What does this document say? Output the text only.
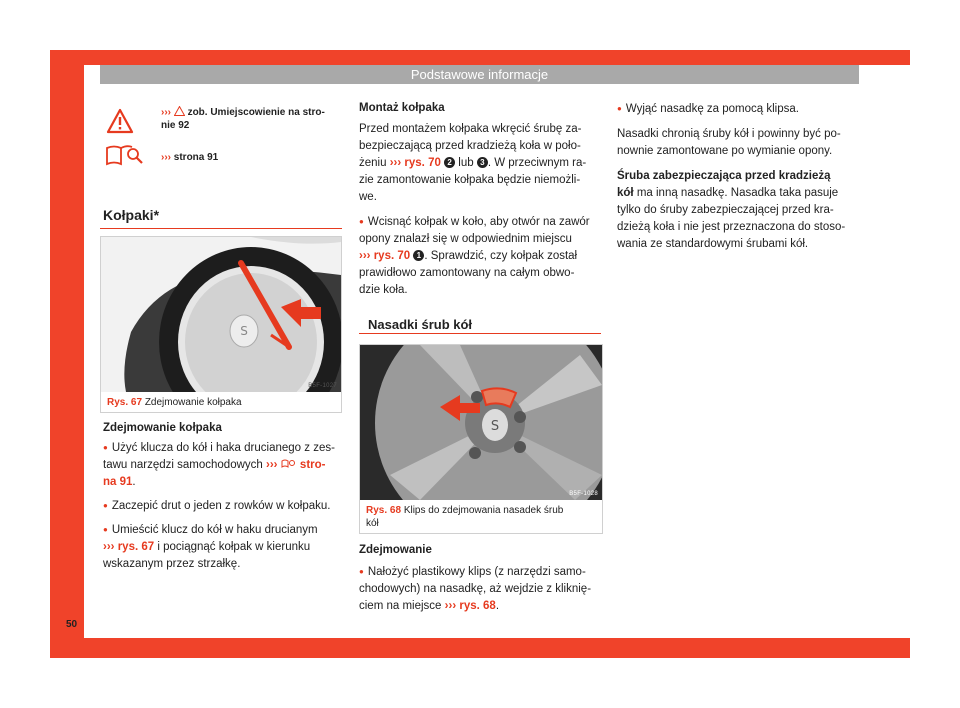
Podstawowe informacje
››› zob. Umiejscowienie na stro-
nie 92
››› strona 91
Kołpaki*
S
B5F-1027
Rys. 67 Zdejmowanie kołpaka

Zdejmowanie kołpaka

● Użyć klucza do kół i haka drucianego z zes-
tawu narzędzi samochodowych ››› stro-
na 91.

● Zaczepić drut o jeden z rowków w kołpaku.

● Umieścić klucz do kół w haku drucianym
››› rys. 67 i pociągnąć kołpak w kierunku
wskazanym przez strzałkę.

Montaż kołpaka

Przed montażem kołpaka wkręcić śrubę za-
bezpieczającą przed kradzieżą koła w poło-
żeniu ››› rys. 70 2 lub 3 . W przeciwnym ra-
zie zamontowanie kołpaka będzie niemożli-
we.

● Wcisnąć kołpak w koło, aby otwór na zawór
opony znalazł się w odpowiednim miejscu
››› rys. 70 1 . Sprawdzić, czy kołpak został
prawidłowo zamontowany na całym obwo-
dzie koła.

Nasadki śrub kół
S
B5F-1028
Rys. 68 Klips do zdejmowania nasadek śrub
kół

Zdejmowanie

● Nałożyć plastikowy klips (z narzędzi samo-
chodowych) na nasadkę, aż wejdzie z kliknię-
ciem na miejsce ››› rys. 68.

● Wyjąć nasadkę za pomocą klipsa.

Nasadki chronią śruby kół i powinny być po-
nownie zamontowane po wymianie opony.

Śruba zabezpieczająca przed kradzieżą
kół ma inną nasadkę. Nasadka taka pasuje
tylko do śruby zabezpieczającej przed kra-
dzieżą koła i nie jest przeznaczona do stoso-
wania ze standardowymi śrubami kół.

50
